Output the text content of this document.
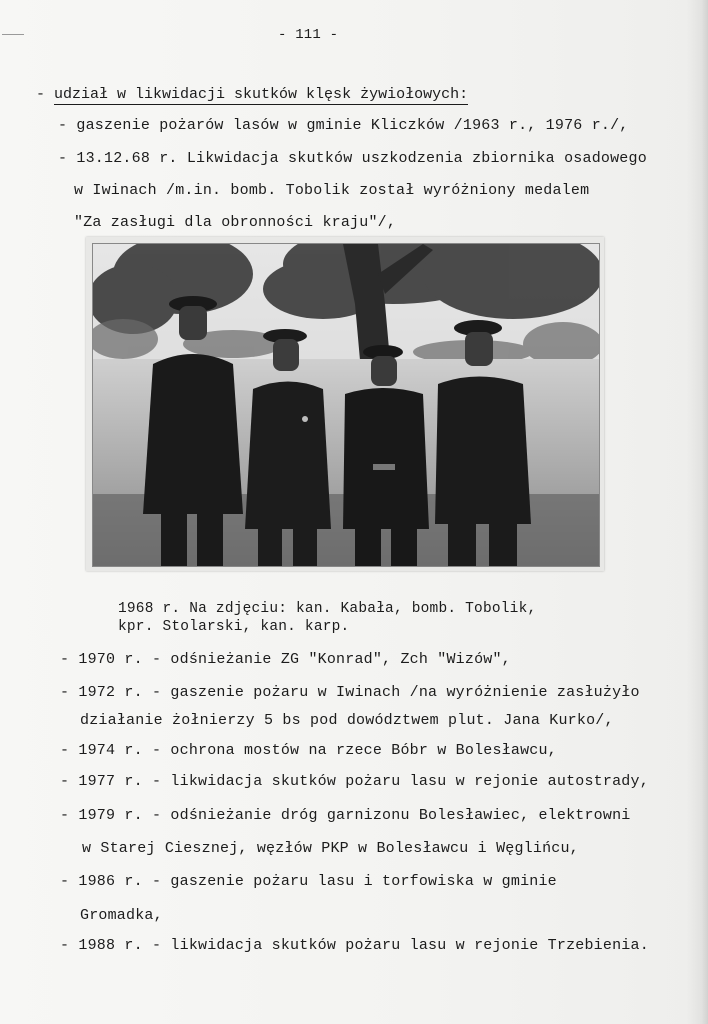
- 111 -
- udział w likwidacji skutków klęsk żywiołowych:
- gaszenie pożarów lasów w gminie Kliczków /1963 r., 1976 r./,
- 13.12.68 r. Likwidacja skutków uszkodzenia zbiornika osadowego
w Iwinach /m.in. bomb. Tobolik został wyróżniony medalem
"Za zasługi dla obronności kraju"/,
1968 r. Na zdjęciu: kan. Kabała, bomb. Tobolik,
kpr. Stolarski, kan. karp.
- 1970 r. - odśnieżanie ZG "Konrad", Zch "Wizów",
- 1972 r. - gaszenie pożaru w Iwinach /na wyróżnienie zasłużyło
działanie żołnierzy 5 bs pod dowództwem plut. Jana Kurko/,
- 1974 r. - ochrona mostów na rzece Bóbr w Bolesławcu,
- 1977 r. - likwidacja skutków pożaru lasu w rejonie autostrady,
- 1979 r. - odśnieżanie dróg garnizonu Bolesławiec, elektrowni
w Starej Ciesznej, węzłów PKP w Bolesławcu i Węglińcu,
- 1986 r. - gaszenie pożaru lasu i torfowiska w gminie
Gromadka,
- 1988 r. - likwidacja skutków pożaru lasu w rejonie Trzebienia.
